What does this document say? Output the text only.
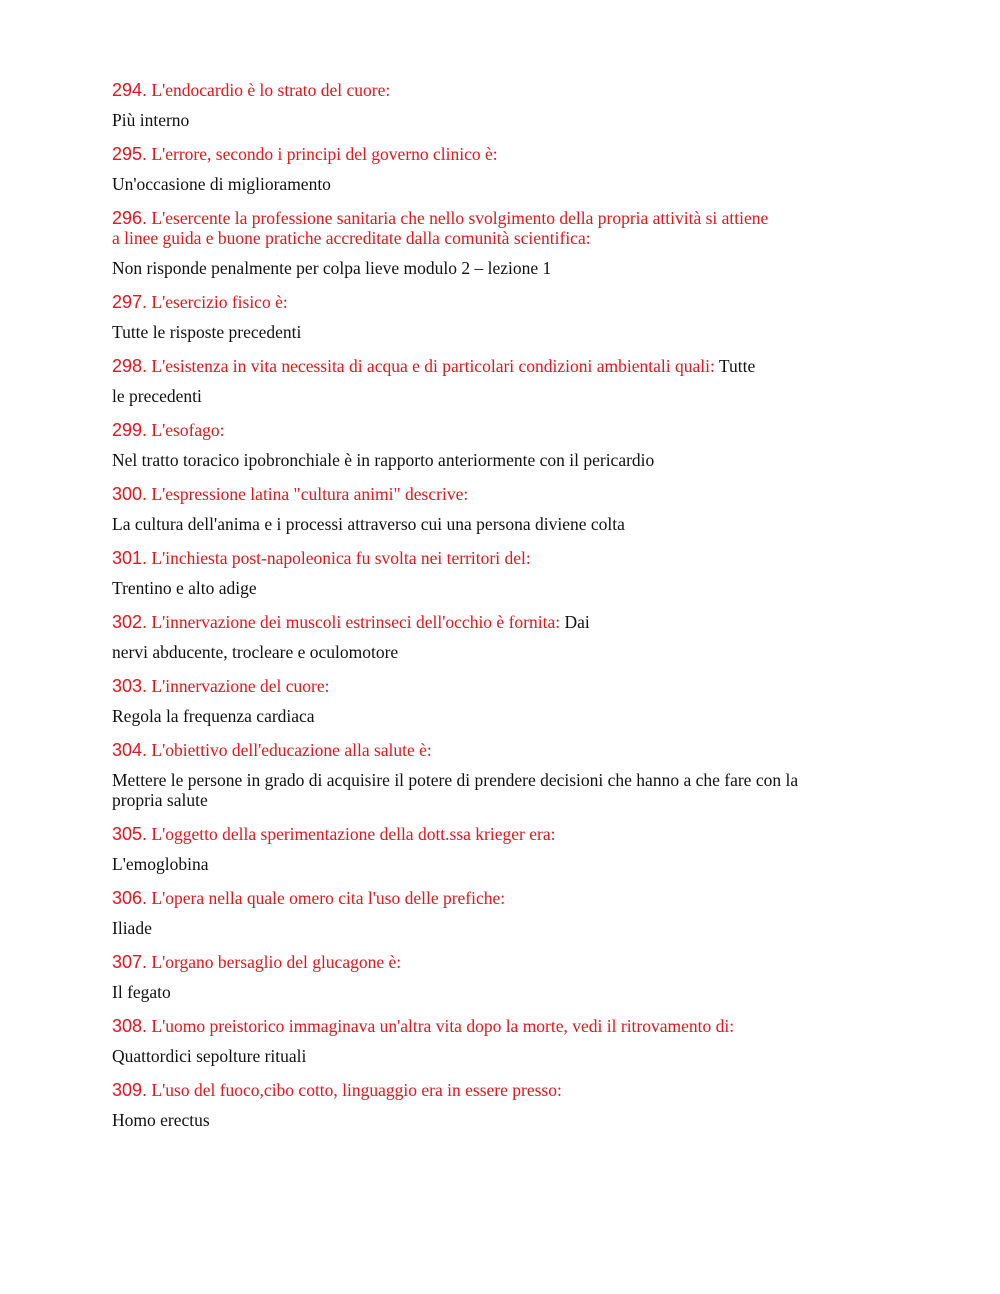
294. L'endocardio è lo strato del cuore:

Più interno

295. L'errore, secondo i principi del governo clinico è:

Un'occasione di miglioramento

296. L'esercente la professione sanitaria che nello svolgimento della propria attività si attiene
a linee guida e buone pratiche accreditate dalla comunità scientifica:

Non risponde penalmente per colpa lieve modulo 2 – lezione 1

297. L'esercizio fisico è:

Tutte le risposte precedenti

298. L'esistenza in vita necessita di acqua e di particolari condizioni ambientali quali: Tutte

le precedenti

299. L'esofago:

Nel tratto toracico ipobronchiale è in rapporto anteriormente con il pericardio

300. L'espressione latina "cultura animi" descrive:

La cultura dell'anima e i processi attraverso cui una persona diviene colta

301. L'inchiesta post-napoleonica fu svolta nei territori del:

Trentino e alto adige

302. L'innervazione dei muscoli estrinseci dell'occhio è fornita: Dai

nervi abducente, trocleare e oculomotore

303. L'innervazione del cuore:

Regola la frequenza cardiaca

304. L'obiettivo dell'educazione alla salute è:

Mettere le persone in grado di acquisire il potere di prendere decisioni che hanno a che fare con la
propria salute

305. L'oggetto della sperimentazione della dott.ssa krieger era:

L'emoglobina

306. L'opera nella quale omero cita l'uso delle prefiche:

Iliade

307. L'organo bersaglio del glucagone è:

Il fegato

308. L'uomo preistorico immaginava un'altra vita dopo la morte, vedi il ritrovamento di:

Quattordici sepolture rituali

309. L'uso del fuoco,cibo cotto, linguaggio era in essere presso:

Homo erectus
